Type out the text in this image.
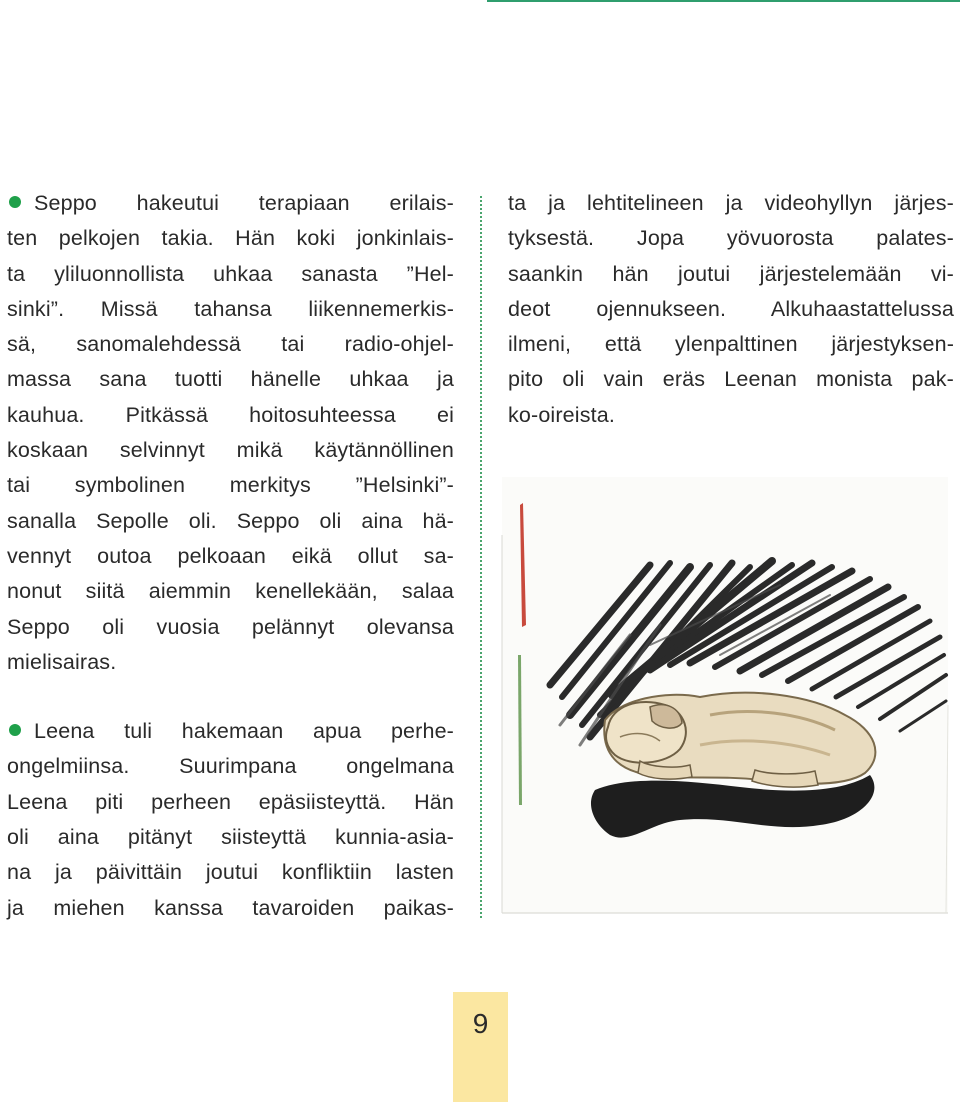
Seppo hakeutui terapiaan erilais-
ten pelkojen takia. Hän koki jonkinlais-
ta yliluonnollista uhkaa sanasta ”Hel-
sinki”. Missä tahansa liikennemerkis-
sä, sanomalehdessä tai radio-ohjel-
massa sana tuotti hänelle uhkaa ja
kauhua. Pitkässä hoitosuhteessa ei
koskaan selvinnyt mikä käytännöllinen
tai symbolinen merkitys ”Helsinki”-
sanalla Sepolle oli. Seppo oli aina hä-
vennyt outoa pelkoaan eikä ollut sa-
nonut siitä aiemmin kenellekään, salaa
Seppo oli vuosia pelännyt olevansa
mielisairas.

Leena tuli hakemaan apua perhe-
ongelmiinsa. Suurimpana ongelmana
Leena piti perheen epäsiisteyttä. Hän
oli aina pitänyt siisteyttä kunnia-asia-
na ja päivittäin joutui konfliktiin lasten
ja miehen kanssa tavaroiden paikas-

ta ja lehtitelineen ja videohyllyn järjes-
tyksestä. Jopa yövuorosta palates-
saankin hän joutui järjestelemään vi-
deot ojennukseen. Alkuhaastattelussa
ilmeni, että ylenpalttinen järjestyksen-
pito oli vain eräs Leenan monista pak-
ko-oireista.

9
